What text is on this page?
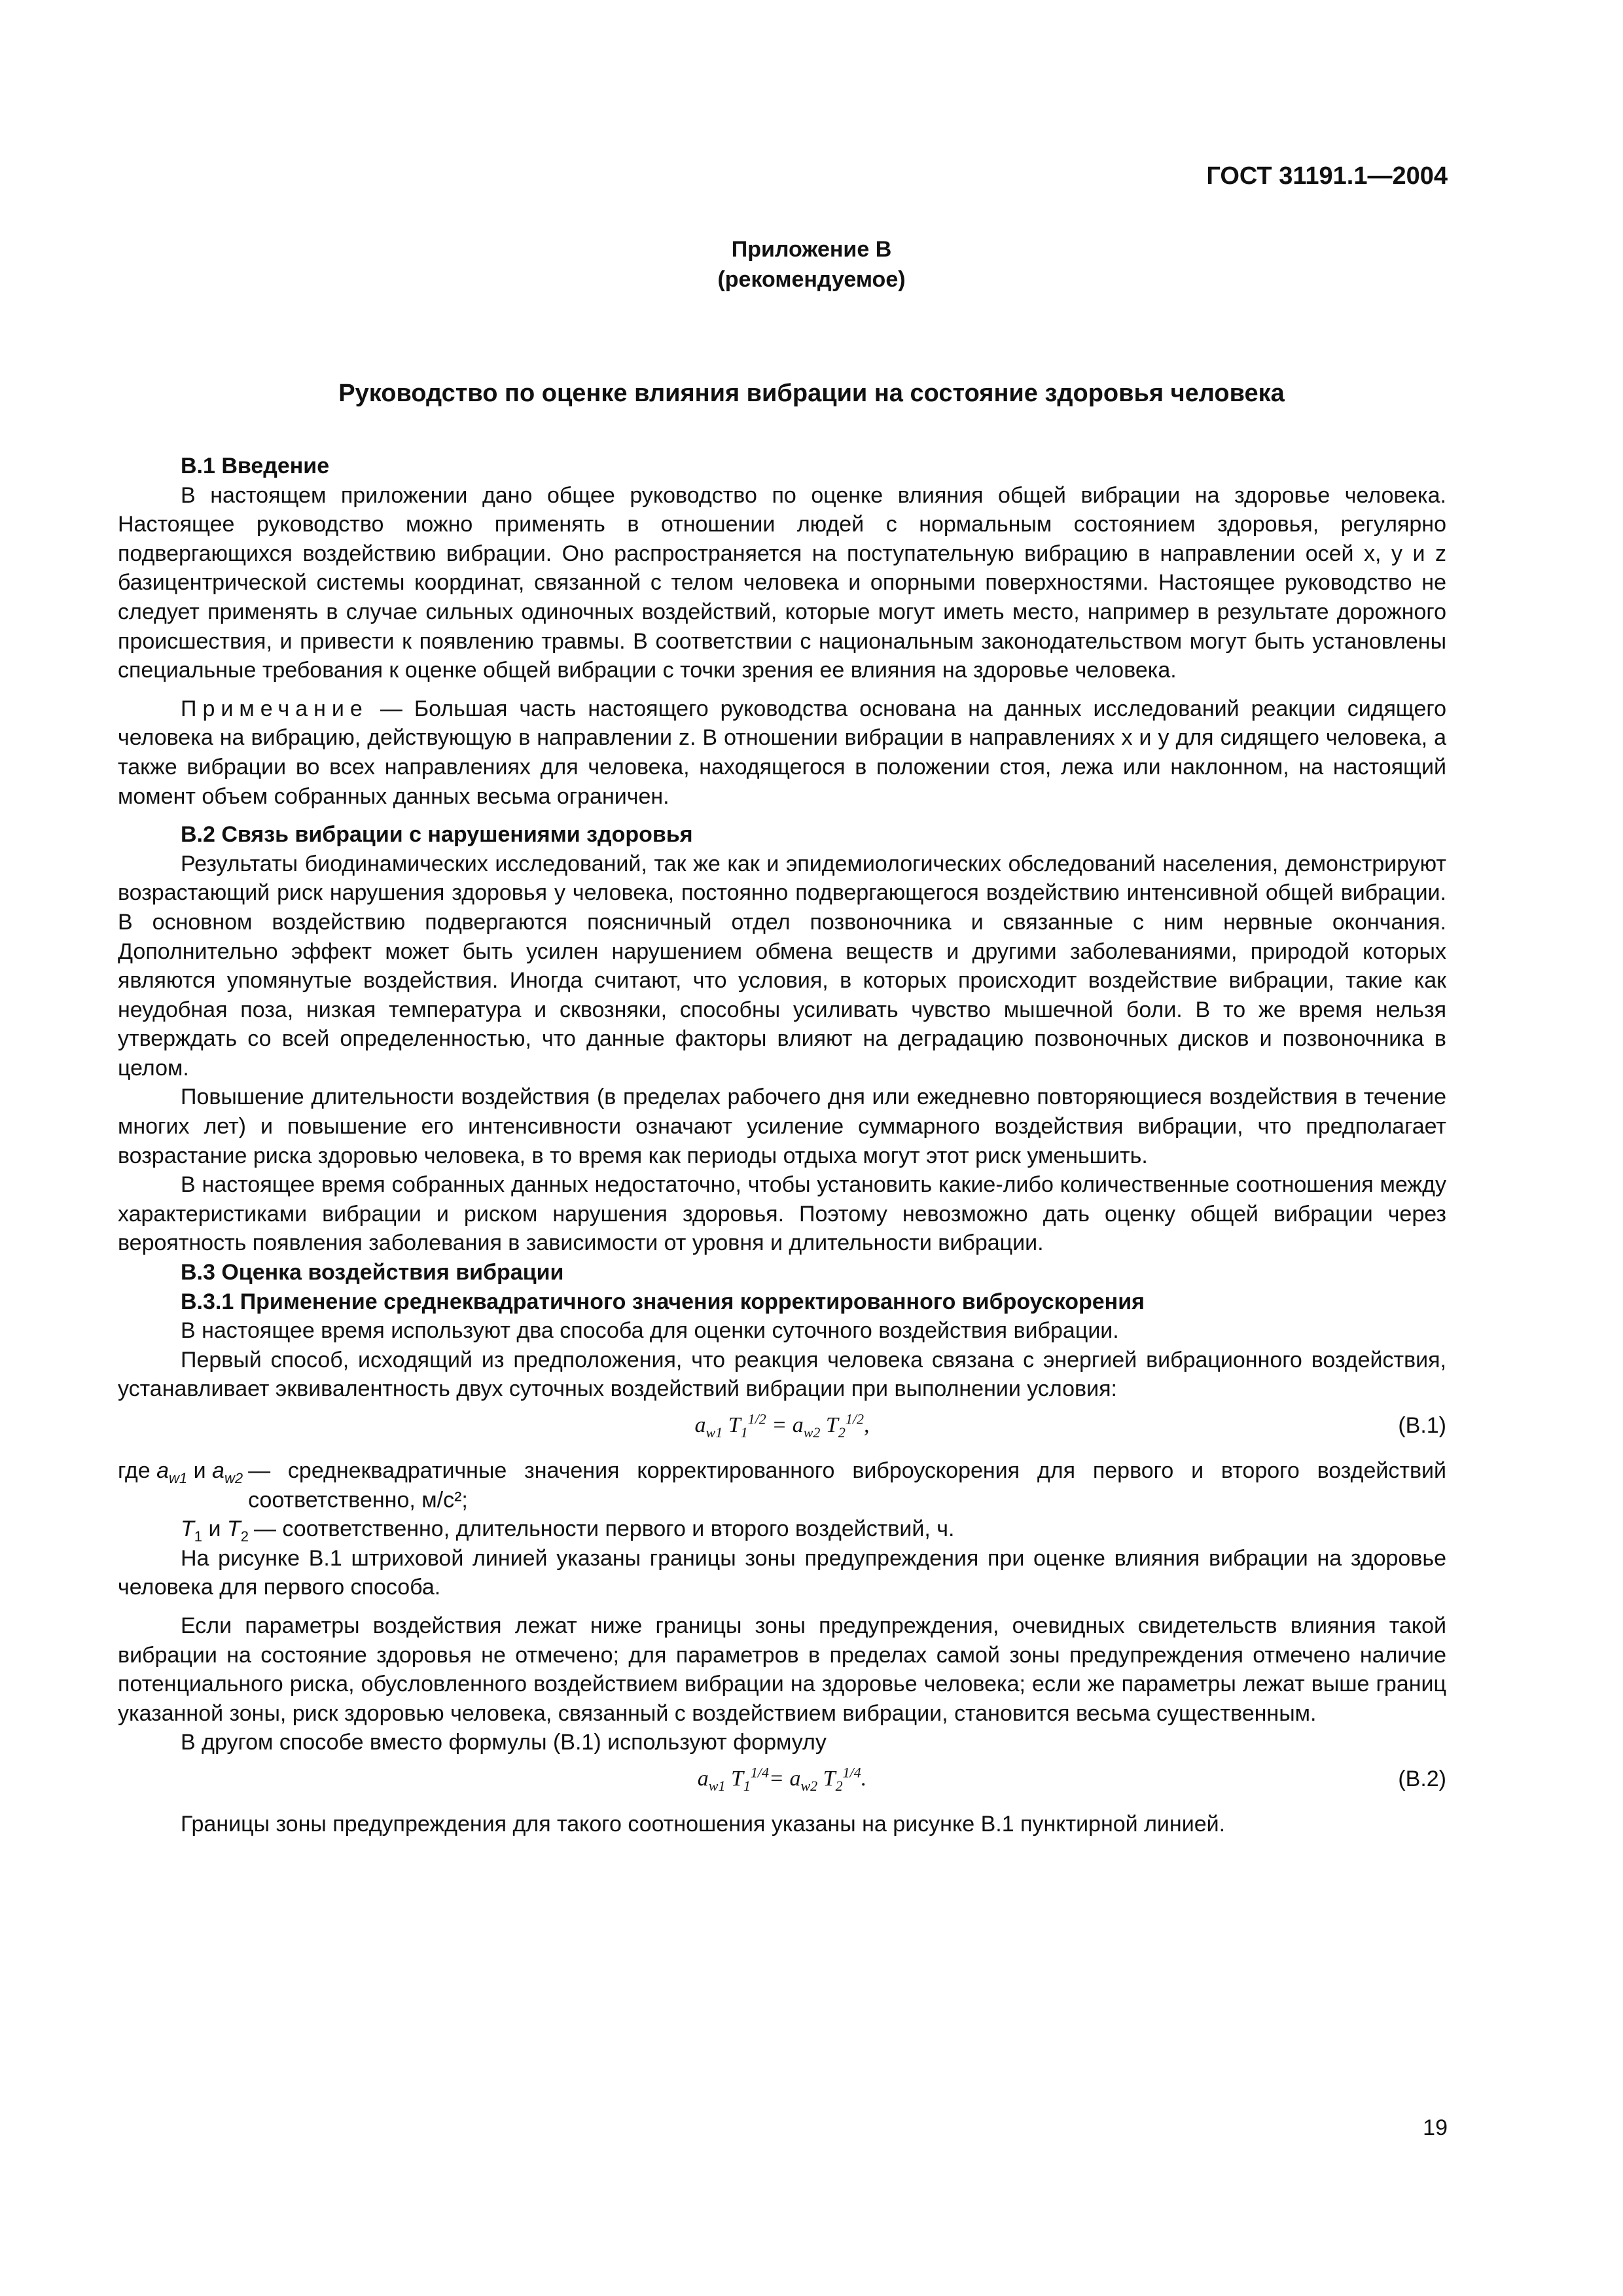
ГОСТ 31191.1—2004
Приложение В
(рекомендуемое)
Руководство по оценке влияния вибрации на состояние здоровья человека
В.1 Введение

В настоящем приложении дано общее руководство по оценке влияния общей вибрации на здоровье человека. Настоящее руководство можно применять в отношении людей с нормальным состоянием здоровья, регулярно подвергающихся воздействию вибрации. Оно распространяется на поступательную вибрацию в направлении осей x, y и z базицентрической системы координат, связанной с телом человека и опорными поверхностями. Настоящее руководство не следует применять в случае сильных одиночных воздействий, которые могут иметь место, например в результате дорожного происшествия, и привести к появлению травмы. В соответствии с национальным законодательством могут быть установлены специальные требования к оценке общей вибрации с точки зрения ее влияния на здоровье человека.

Примечание — Большая часть настоящего руководства основана на данных исследований реакции сидящего человека на вибрацию, действующую в направлении z. В отношении вибрации в направлениях x и y для сидящего человека, а также вибрации во всех направлениях для человека, находящегося в положении стоя, лежа или наклонном, на настоящий момент объем собранных данных весьма ограничен.

В.2 Связь вибрации с нарушениями здоровья

Результаты биодинамических исследований, так же как и эпидемиологических обследований населения, демонстрируют возрастающий риск нарушения здоровья у человека, постоянно подвергающегося воздействию интенсивной общей вибрации. В основном воздействию подвергаются поясничный отдел позвоночника и связанные с ним нервные окончания. Дополнительно эффект может быть усилен нарушением обмена веществ и другими заболеваниями, природой которых являются упомянутые воздействия. Иногда считают, что условия, в которых происходит воздействие вибрации, такие как неудобная поза, низкая температура и сквозняки, способны усиливать чувство мышечной боли. В то же время нельзя утверждать со всей определенностью, что данные факторы влияют на деградацию позвоночных дисков и позвоночника в целом.

Повышение длительности воздействия (в пределах рабочего дня или ежедневно повторяющиеся воздействия в течение многих лет) и повышение его интенсивности означают усиление суммарного воздействия вибрации, что предполагает возрастание риска здоровью человека, в то время как периоды отдыха могут этот риск уменьшить.

В настоящее время собранных данных недостаточно, чтобы установить какие-либо количественные соотношения между характеристиками вибрации и риском нарушения здоровья. Поэтому невозможно дать оценку общей вибрации через вероятность появления заболевания в зависимости от уровня и длительности вибрации.

В.3 Оценка воздействия вибрации
В.3.1 Применение среднеквадратичного значения корректированного виброускорения

В настоящее время используют два способа для оценки суточного воздействия вибрации.

Первый способ, исходящий из предположения, что реакция человека связана с энергией вибрационного воздействия, устанавливает эквивалентность двух суточных воздействий вибрации при выполнении условия:

$a_{w1}$ $T_1^{1/2} = a_{w2}$ $T_2^{1/2}$,	(В.1)
где $a_{w1}$ и $a_{w2}$ — среднеквадратичные значения корректированного виброускорения для первого и второго воздействий соответственно, м/с²;
$T_1$ и $T_2$ — соответственно, длительности первого и второго воздействий, ч.

На рисунке В.1 штриховой линией указаны границы зоны предупреждения при оценке влияния вибрации на здоровье человека для первого способа.

Если параметры воздействия лежат ниже границы зоны предупреждения, очевидных свидетельств влияния такой вибрации на состояние здоровья не отмечено; для параметров в пределах самой зоны предупреждения отмечено наличие потенциального риска, обусловленного воздействием вибрации на здоровье человека; если же параметры лежат выше границ указанной зоны, риск здоровью человека, связанный с воздействием вибрации, становится весьма существенным.

В другом способе вместо формулы (В.1) используют формулу

$a_{w1}$ $T_1^{1/4}= a_{w2}$ $T_2^{1/4}$.	(В.2)

Границы зоны предупреждения для такого соотношения указаны на рисунке В.1 пунктирной линией.

19
